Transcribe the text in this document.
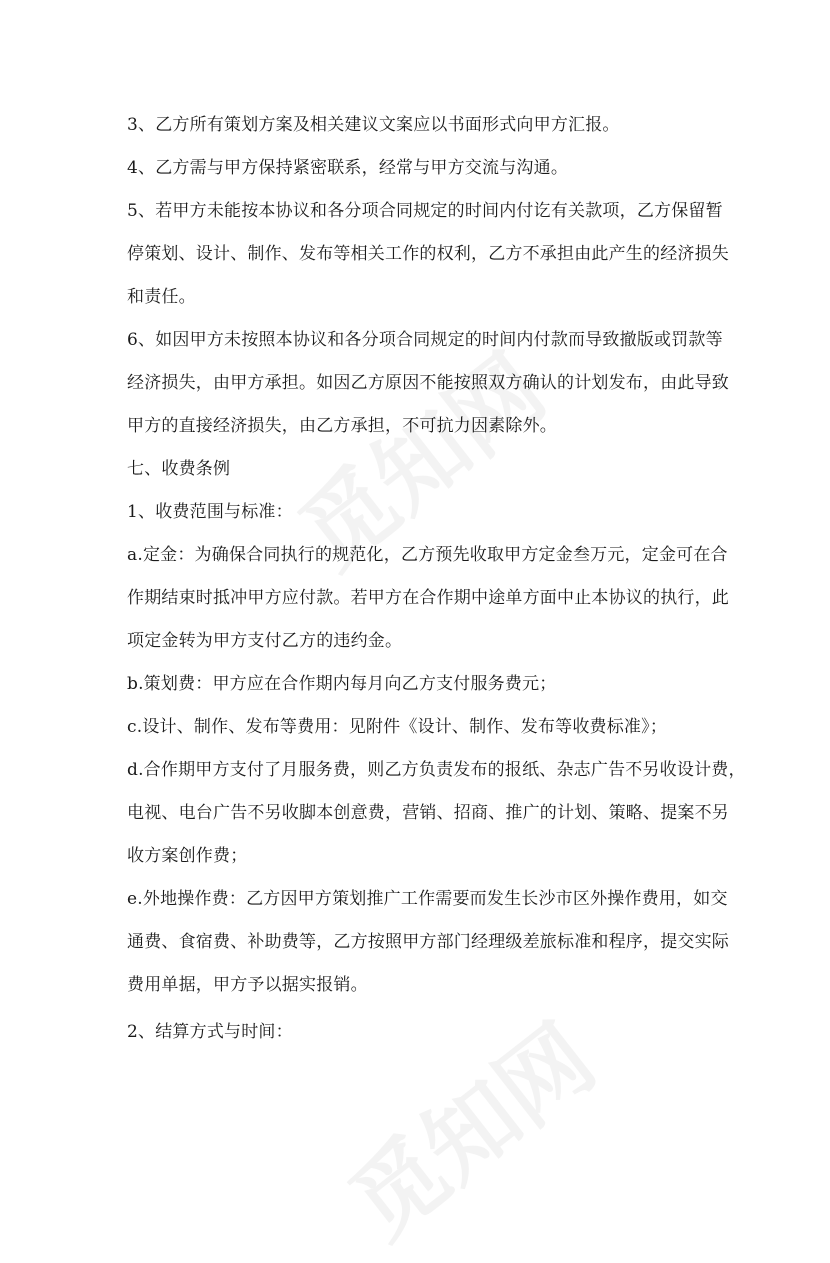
3、乙方所有策划方案及相关建议文案应以书面形式向甲方汇报。
4、乙方需与甲方保持紧密联系，经常与甲方交流与沟通。
5、若甲方未能按本协议和各分项合同规定的时间内付讫有关款项，乙方保留暂
停策划、设计、制作、发布等相关工作的权利，乙方不承担由此产生的经济损失
和责任。
6、如因甲方未按照本协议和各分项合同规定的时间内付款而导致撤版或罚款等
经济损失，由甲方承担。如因乙方原因不能按照双方确认的计划发布，由此导致
甲方的直接经济损失，由乙方承担，不可抗力因素除外。
七、收费条例
1、收费范围与标准：
a.定金：为确保合同执行的规范化，乙方预先收取甲方定金叁万元，定金可在合
作期结束时抵冲甲方应付款。若甲方在合作期中途单方面中止本协议的执行，此
项定金转为甲方支付乙方的违约金。
b.策划费：甲方应在合作期内每月向乙方支付服务费元；
c.设计、制作、发布等费用：见附件《设计、制作、发布等收费标准》；
d.合作期甲方支付了月服务费，则乙方负责发布的报纸、杂志广告不另收设计费，
电视、电台广告不另收脚本创意费，营销、招商、推广的计划、策略、提案不另
收方案创作费；
e.外地操作费：乙方因甲方策划推广工作需要而发生长沙市区外操作费用，如交
通费、食宿费、补助费等，乙方按照甲方部门经理级差旅标准和程序，提交实际
费用单据，甲方予以据实报销。
2、结算方式与时间：
